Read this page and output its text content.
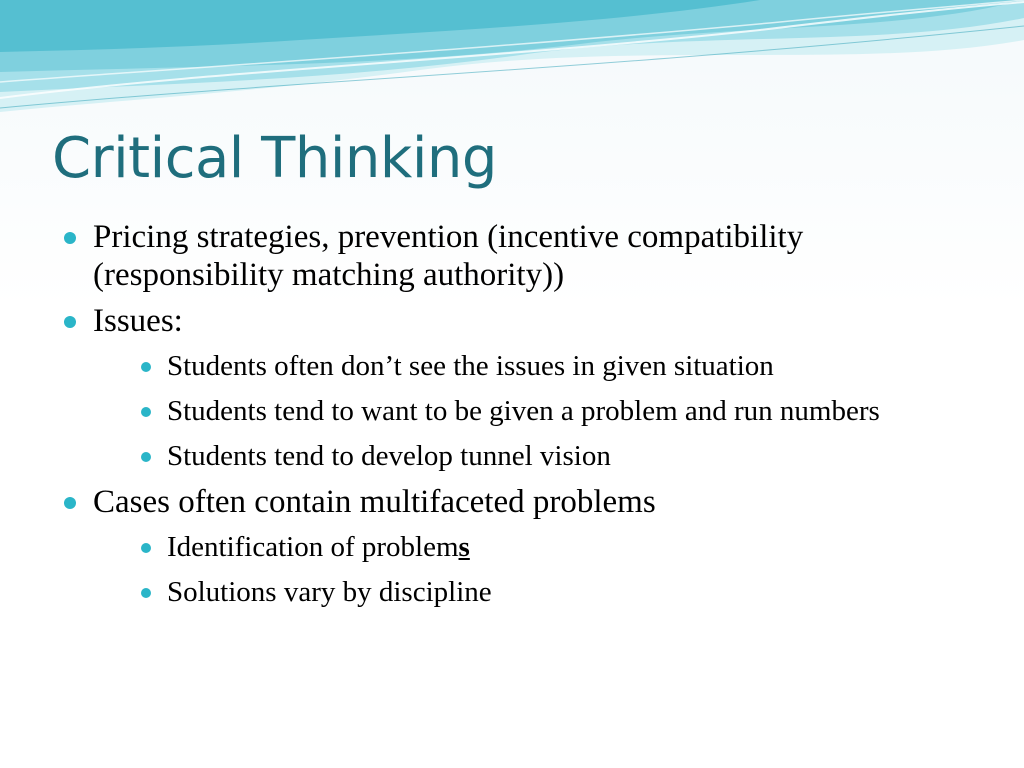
Critical Thinking
Pricing strategies, prevention (incentive compatibility (responsibility matching authority))
Issues:
Students often don’t see the issues in given situation
Students tend to want to be given a problem and run numbers
Students tend to develop tunnel vision
Cases often contain multifaceted problems
Identification of problems
Solutions vary by discipline
